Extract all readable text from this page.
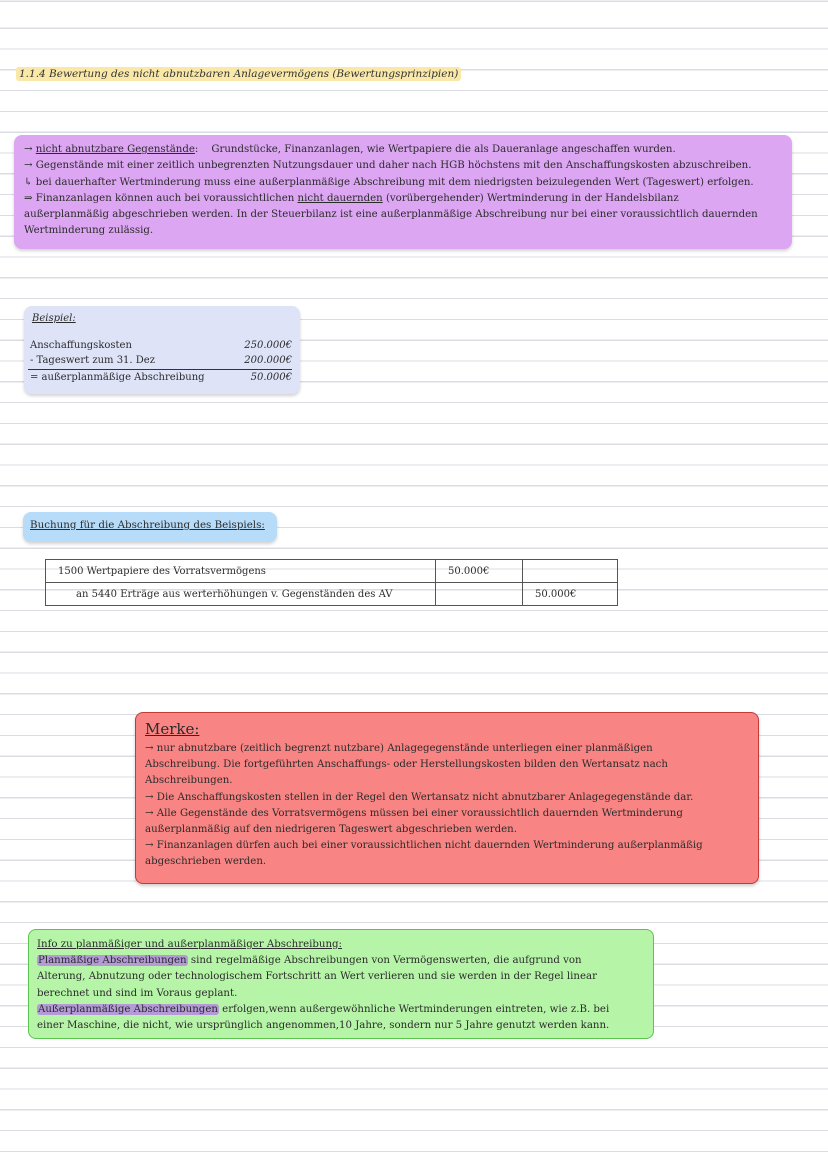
1.1.4 Bewertung des nicht abnutzbaren Anlagevermögens (Bewertungsprinzipien)
→ nicht abnutzbare Gegenstände: Grundstücke, Finanzanlagen, wie Wertpapiere die als Daueranlage angeschaffen wurden.
→ Gegenstände mit einer zeitlich unbegrenzten Nutzungsdauer und daher nach HGB höchstens mit den Anschaffungskosten abzuschreiben.
↳ bei dauerhafter Wertminderung muss eine außerplanmäßige Abschreibung mit dem niedrigsten beizulegenden Wert (Tageswert) erfolgen.
⇒ Finanzanlagen können auch bei voraussichtlichen nicht dauernden (vorübergehender) Wertminderung in der Handelsbilanz
außerplanmäßig abgeschrieben werden. In der Steuerbilanz ist eine außerplanmäßige Abschreibung nur bei einer voraussichtlich dauernden
Wertminderung zulässig.
Beispiel:
Anschaffungskosten	250.000€
- Tageswert zum 31. Dez	200.000€
= außerplanmäßige Abschreibung	50.000€
Buchung für die Abschreibung des Beispiels:
1500 Wertpapiere des Vorratsvermögens	50.000€	
an 5440 Erträge aus werterhöhungen v. Gegenständen des AV		50.000€
Merke:
→ nur abnutzbare (zeitlich begrenzt nutzbare) Anlagegegenstände unterliegen einer planmäßigen
Abschreibung. Die fortgeführten Anschaffungs- oder Herstellungskosten bilden den Wertansatz nach
Abschreibungen.
→ Die Anschaffungskosten stellen in der Regel den Wertansatz nicht abnutzbarer Anlagegegenstände dar.
→ Alle Gegenstände des Vorratsvermögens müssen bei einer voraussichtlich dauernden Wertminderung
außerplanmäßig auf den niedrigeren Tageswert abgeschrieben werden.
→ Finanzanlagen dürfen auch bei einer voraussichtlichen nicht dauernden Wertminderung außerplanmäßig
abgeschrieben werden.
Info zu planmäßiger und außerplanmäßiger Abschreibung:
Planmäßige Abschreibungen sind regelmäßige Abschreibungen von Vermögenswerten, die aufgrund von
Alterung, Abnutzung oder technologischem Fortschritt an Wert verlieren und sie werden in der Regel linear
berechnet und sind im Voraus geplant.
Außerplanmäßige Abschreibungen erfolgen,wenn außergewöhnliche Wertminderungen eintreten, wie z.B. bei
einer Maschine, die nicht, wie ursprünglich angenommen,10 Jahre, sondern nur 5 Jahre genutzt werden kann.
